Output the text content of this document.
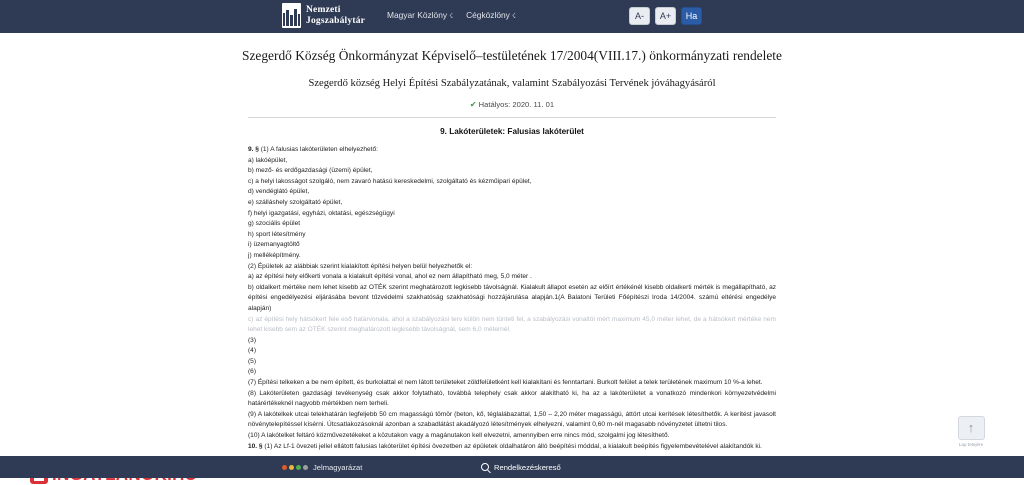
Nemzeti
Jogszabálytár
Magyar Közlöny ☇ Cégközlöny ☇	A-	A+	Ha
Szegerdő Község Önkormányzat Képviselő–testületének 17/2004(VIII.17.) önkormányzati rendelete
Szegerdő község Helyi Építési Szabályzatának, valamint Szabályozási Tervének jóváhagyásáról
✔ Hatályos: 2020. 11. 01
9. Lakóterületek: Falusias lakóterület

9. § (1) A falusias lakóterületen elhelyezhető:

a) lakóépület,

b) mező- és erdőgazdasági (üzemi) épület,

c) a helyi lakosságot szolgáló, nem zavaró hatású kereskedelmi, szolgáltató és kézműipari épület,

d) vendéglátó épület,

e) szálláshely szolgáltató épület,

f) helyi igazgatási, egyházi, oktatási, egészségügyi

g) szociális épület

h) sport létesítmény

i) üzemanyagtöltő

j) melléképítmény.

(2) Épületek az alábbiak szerint kialakított építési helyen belül helyezhetők el:

a) az építési hely előkerti vonala a kialakult építési vonal, ahol ez nem állapítható meg, 5,0 méter .

b) oldalkert mértéke nem lehet kisebb az OTÉK szerint meghatározott legkisebb távolságnál. Kialakult állapot esetén az előírt értékénél kisebb oldalkerti mérték is megállapítható, az építési engedélyezési eljárásába bevont tűzvédelmi szakhatóság szakhatósági hozzájárulása alapján.1(A Balatoni Területi Főépítészi Iroda 14/2004. számú eltérési engedélye alapján)

c) az építési hely hátsókert fele eső határvonala, ahol a szabályozási terv külön nem tünteti fel, a szabályozási vonaltól mért maximum 45,0 méter lehet, de a hátsókert mértéke nem lehet kisebb sem az OTÉK szerint meghatározott legkisebb távolságnál, sem 6,0 méternél.

(3)

(4)

(5)

(6)

(7) Építési telkeken a be nem épített, és burkolattal el nem látott területeket zöldfelületként kell kialakítani és fenntartani. Burkolt felület a telek területének maximum 10 %-a lehet.

(8) Lakóterületen gazdasági tevékenység csak akkor folytatható, továbbá telephely csak akkor alakítható ki, ha az a lakóterületet a vonatkozó mindenkori környezetvédelmi határértékeknél nagyobb mértékben nem terheli.

(9) A lakótelkek utcai telekhatárán legfeljebb 50 cm magasságú tömör (beton, kő, téglalábazattal, 1,50 – 2,20 méter magasságú, áttört utcai kerítések létesíthetők. A kerítést javasolt növénytelepítéssel kísérni. Útcsatlakozásoknál azonban a szabadlátást akadályozó létesítmények elhelyezni, valamint 0,60 m-nél magasabb növényzetet ültetni tilos.

(10) A lakótelket feltáró közművezetékeket a közutakon vagy a magánutakon kell elvezetni, amennyiben erre nincs mód, szolgalmi jog létesíthető.

10. § (1) Az Lf-1 övezeti jellel ellátott falusias lakóterület építési övezetben az épületek oldalhatáron álló beépítési móddal, a kialakult beépítés figyelembevételével alakítandók ki.

↑
Lap tetejére
Jelmagyarázat	Rendelkezéskereső
